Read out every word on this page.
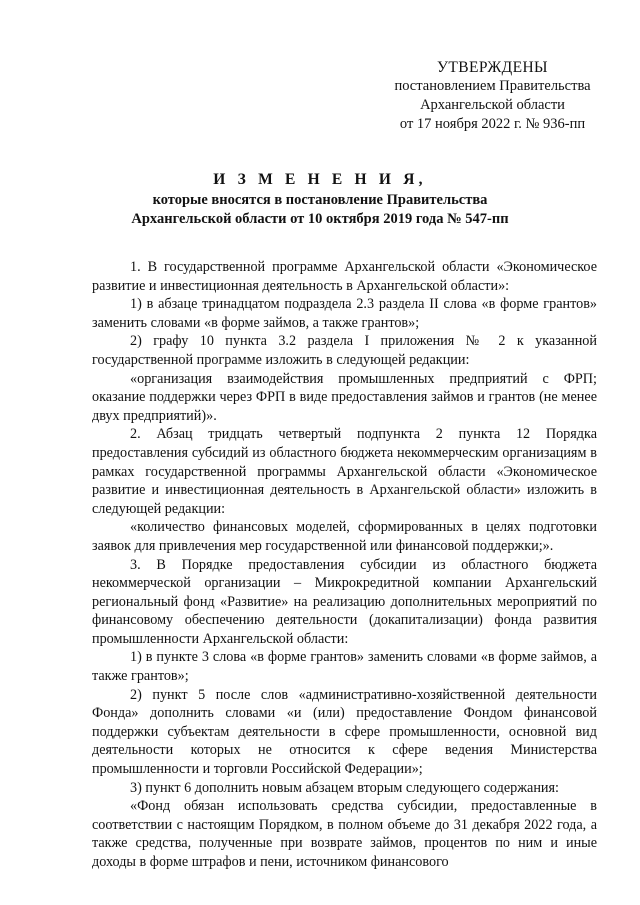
УТВЕРЖДЕНЫ
постановлением Правительства
Архангельской области
от 17 ноября 2022 г. № 936-пп
И З М Е Н Е Н И Я,
которые вносятся в постановление Правительства
Архангельской области от 10 октября 2019 года № 547-пп

1. В государственной программе Архангельской области «Экономическое развитие и инвестиционная деятельность в Архангельской области»:

1) в абзаце тринадцатом подраздела 2.3 раздела II слова «в форме грантов» заменить словами «в форме займов, а также грантов»;

2) графу 10 пункта 3.2 раздела I приложения № 2 к указанной государственной программе изложить в следующей редакции:

«организация взаимодействия промышленных предприятий с ФРП; оказание поддержки через ФРП в виде предоставления займов и грантов (не менее двух предприятий)».

2. Абзац тридцать четвертый подпункта 2 пункта 12 Порядка предоставления субсидий из областного бюджета некоммерческим организациям в рамках государственной программы Архангельской области «Экономическое развитие и инвестиционная деятельность в Архангельской области» изложить в следующей редакции:

«количество финансовых моделей, сформированных в целях подготовки заявок для привлечения мер государственной или финансовой поддержки;».

3. В Порядке предоставления субсидии из областного бюджета некоммерческой организации – Микрокредитной компании Архангельский региональный фонд «Развитие» на реализацию дополнительных мероприятий по финансовому обеспечению деятельности (докапитализации) фонда развития промышленности Архангельской области:

1) в пункте 3 слова «в форме грантов» заменить словами «в форме займов, а также грантов»;

2) пункт 5 после слов «административно-хозяйственной деятельности Фонда» дополнить словами «и (или) предоставление Фондом финансовой поддержки субъектам деятельности в сфере промышленности, основной вид деятельности которых не относится к сфере ведения Министерства промышленности и торговли Российской Федерации»;

3) пункт 6 дополнить новым абзацем вторым следующего содержания:

«Фонд обязан использовать средства субсидии, предоставленные в соответствии с настоящим Порядком, в полном объеме до 31 декабря 2022 года, а также средства, полученные при возврате займов, процентов по ним и иные доходы в форме штрафов и пени, источником финансового
